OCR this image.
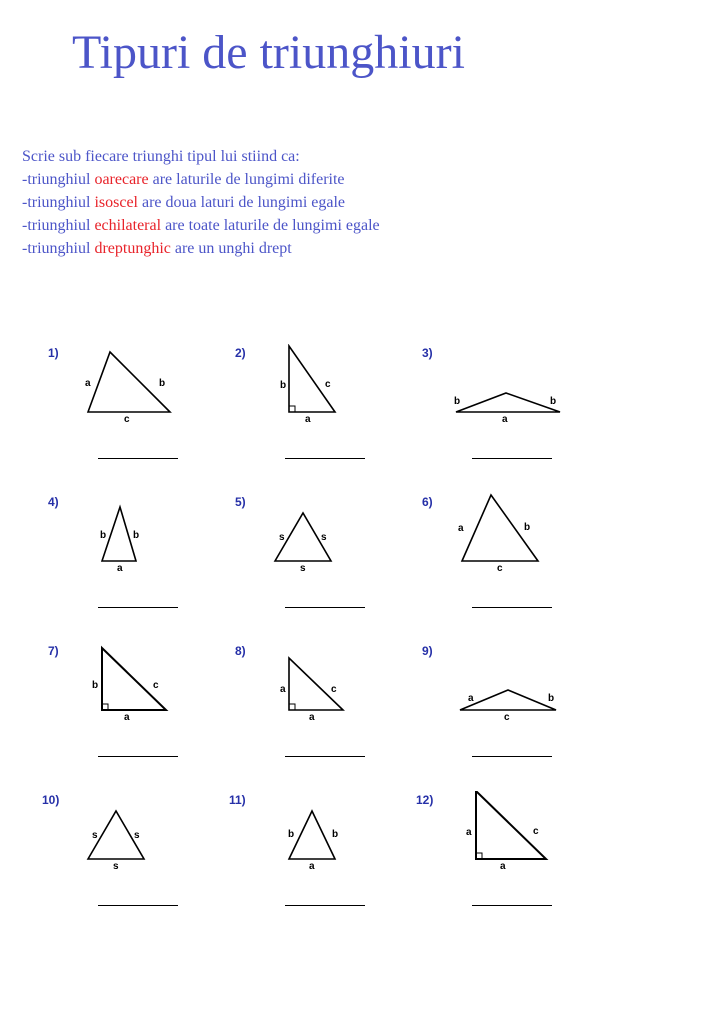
Tipuri de triunghiuri
Scrie sub fiecare triunghi tipul lui stiind ca:
-triunghiul oarecare are laturile de lungimi diferite
-triunghiul isoscel are doua laturi de lungimi egale
-triunghiul echilateral are toate laturile de lungimi egale
-triunghiul dreptunghic are un unghi drept
1)
a	b
c
2)
b	c
a
3)
b	b
a
4)
b	b
a
5)
s	s
s
6)
a	b
c
7)
b	c
a
8)
a	c
a
9)
a	b
c
10)
s	s
s
11)
b	b
a
12)
a	c
a
